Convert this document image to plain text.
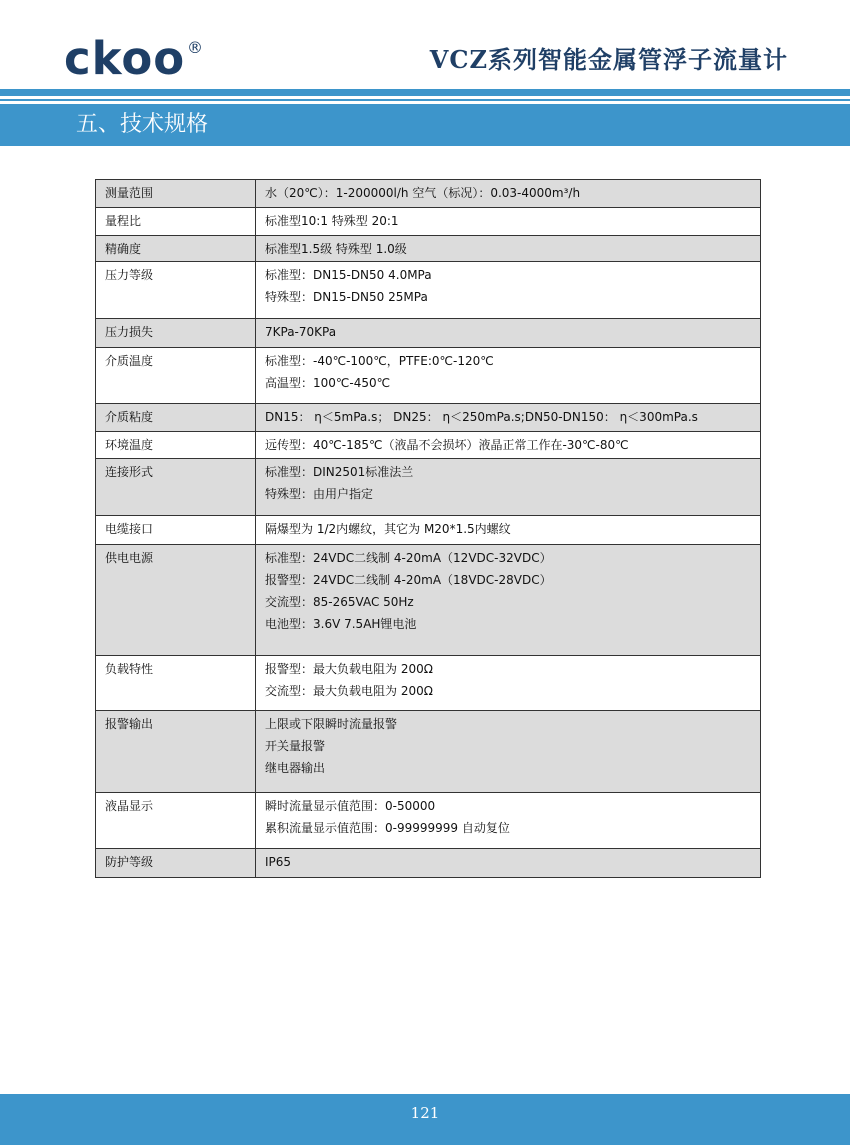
ckoo ®	VCZ系列智能金属管浮子流量计
五、技术规格
测量范围	水（20℃）：1-200000l/h 空气（标况）：0.03-4000m³/h

量程比	标准型10:1 特殊型 20:1

精确度	标准型1.5级 特殊型 1.0级

压力等级	标准型：DN15-DN50 4.0MPa
特殊型：DN15-DN50 25MPa

压力损失	7KPa-70KPa

介质温度	标准型：-40℃-100℃，PTFE:0℃-120℃
高温型：100℃-450℃

介质粘度	DN15： η＜5mPa.s； DN25： η＜250mPa.s;DN50-DN150： η＜300mPa.s

环境温度	远传型：40℃-185℃（液晶不会损坏）液晶正常工作在-30℃-80℃

连接形式	标准型：DIN2501标准法兰
特殊型：由用户指定

电缆接口	隔爆型为 1/2内螺纹，其它为 M20*1.5内螺纹

供电电源	标准型：24VDC二线制 4-20mA（12VDC-32VDC）
报警型：24VDC二线制 4-20mA（18VDC-28VDC）
交流型：85-265VAC 50Hz
电池型：3.6V 7.5AH锂电池

负载特性	报警型：最大负载电阻为 200Ω
交流型：最大负载电阻为 200Ω

报警输出	上限或下限瞬时流量报警
开关量报警
继电器输出

液晶显示	瞬时流量显示值范围：0-50000
累积流量显示值范围：0-99999999 自动复位

防护等级	IP65
121
